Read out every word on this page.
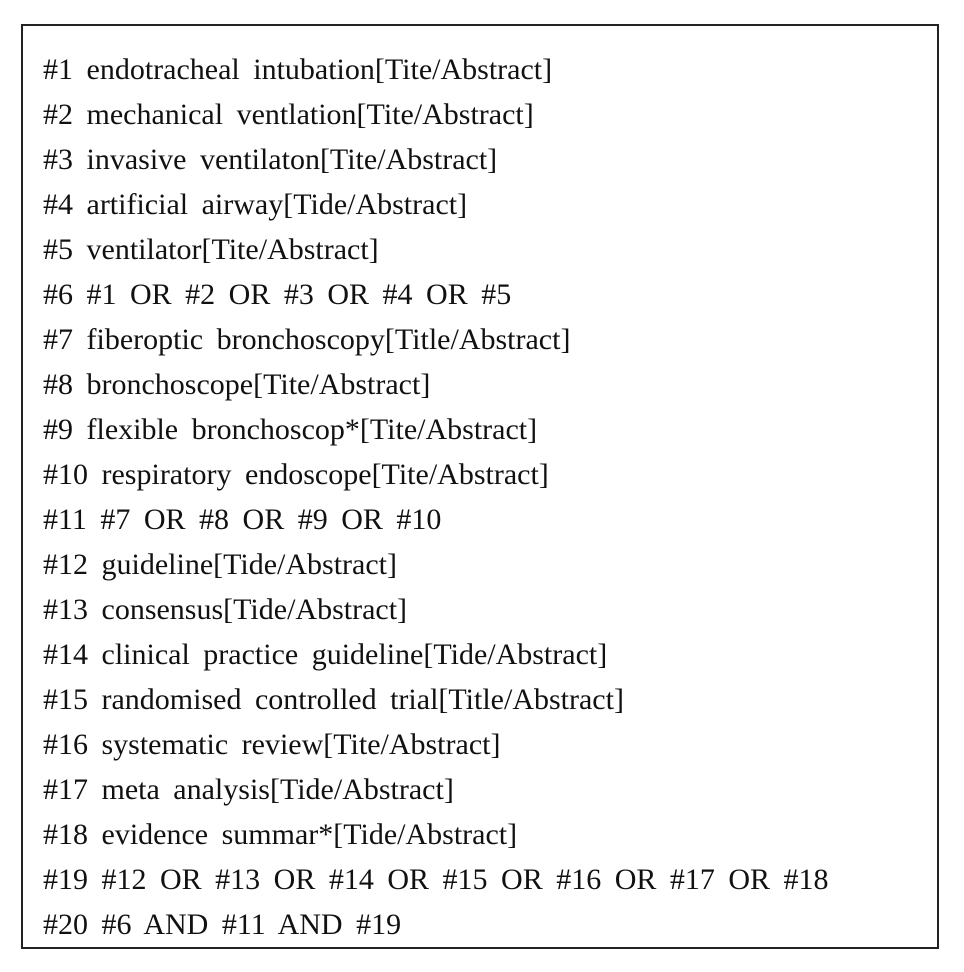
#1 endotracheal intubation[Tite/Abstract]
#2 mechanical ventlation[Tite/Abstract]
#3 invasive ventilaton[Tite/Abstract]
#4 artificial airway[Tide/Abstract]
#5 ventilator[Tite/Abstract]
#6 #1 OR #2 OR #3 OR #4 OR #5
#7 fiberoptic bronchoscopy[Title/Abstract]
#8 bronchoscope[Tite/Abstract]
#9 flexible bronchoscop*[Tite/Abstract]
#10 respiratory endoscope[Tite/Abstract]
#11 #7 OR #8 OR #9 OR #10
#12 guideline[Tide/Abstract]
#13 consensus[Tide/Abstract]
#14 clinical practice guideline[Tide/Abstract]
#15 randomised controlled trial[Title/Abstract]
#16 systematic review[Tite/Abstract]
#17 meta analysis[Tide/Abstract]
#18 evidence summar*[Tide/Abstract]
#19 #12 OR #13 OR #14 OR #15 OR #16 OR #17 OR #18
#20 #6 AND #11 AND #19
